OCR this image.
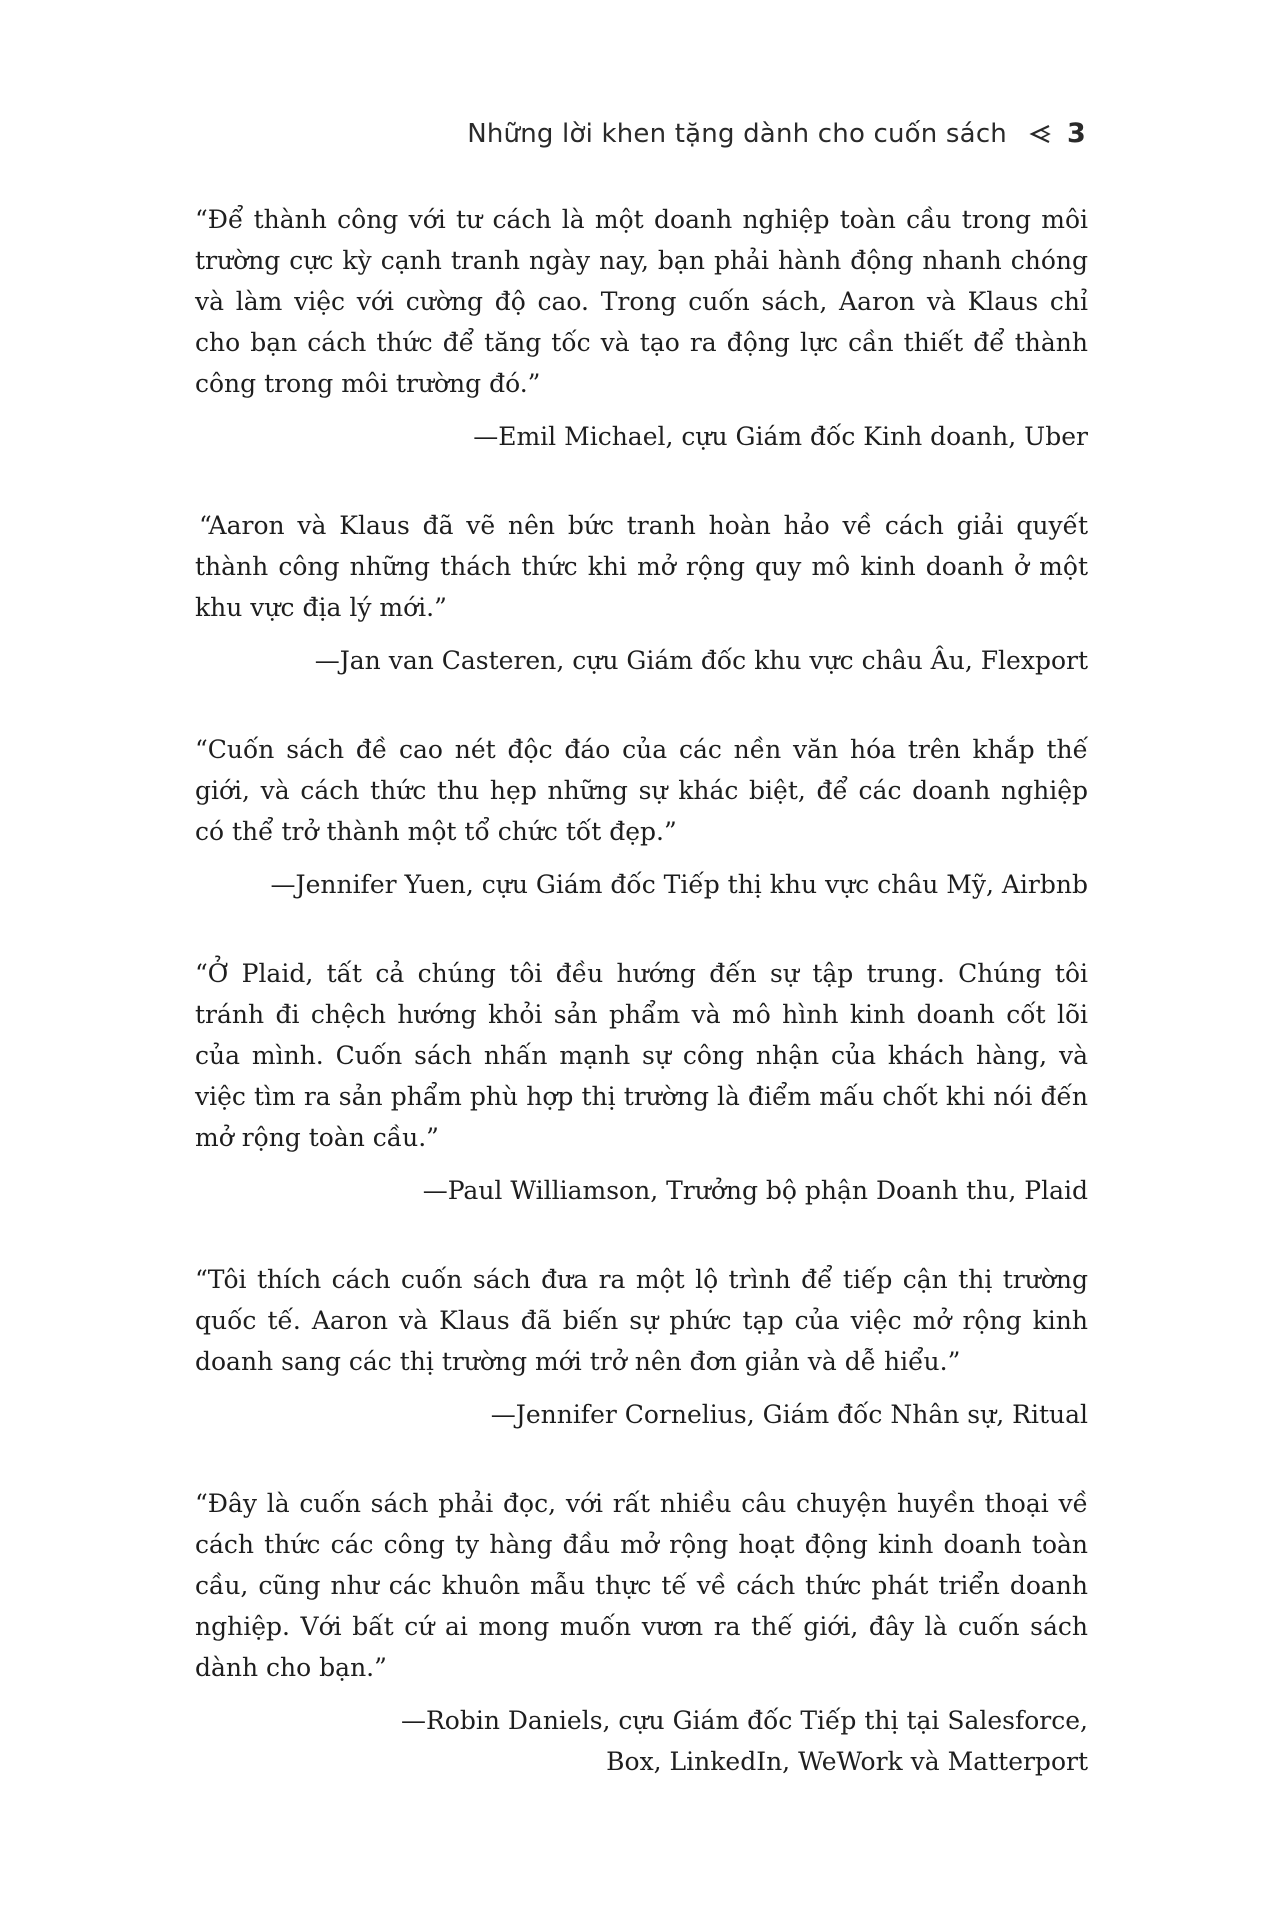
Những lời khen tặng dành cho cuốn sách 3

“Để thành công với tư cách là một doanh nghiệp toàn cầu trong môi trường cực kỳ cạnh tranh ngày nay, bạn phải hành động nhanh chóng và làm việc với cường độ cao. Trong cuốn sách, Aaron và Klaus chỉ cho bạn cách thức để tăng tốc và tạo ra động lực cần thiết để thành công trong môi trường đó.”

—Emil Michael, cựu Giám đốc Kinh doanh, Uber

“Aaron và Klaus đã vẽ nên bức tranh hoàn hảo về cách giải quyết thành công những thách thức khi mở rộng quy mô kinh doanh ở một khu vực địa lý mới.”

—Jan van Casteren, cựu Giám đốc khu vực châu Âu, Flexport

“Cuốn sách đề cao nét độc đáo của các nền văn hóa trên khắp thế giới, và cách thức thu hẹp những sự khác biệt, để các doanh nghiệp có thể trở thành một tổ chức tốt đẹp.”

—Jennifer Yuen, cựu Giám đốc Tiếp thị khu vực châu Mỹ, Airbnb

“Ở Plaid, tất cả chúng tôi đều hướng đến sự tập trung. Chúng tôi tránh đi chệch hướng khỏi sản phẩm và mô hình kinh doanh cốt lõi của mình. Cuốn sách nhấn mạnh sự công nhận của khách hàng, và việc tìm ra sản phẩm phù hợp thị trường là điểm mấu chốt khi nói đến mở rộng toàn cầu.”

—Paul Williamson, Trưởng bộ phận Doanh thu, Plaid

“Tôi thích cách cuốn sách đưa ra một lộ trình để tiếp cận thị trường quốc tế. Aaron và Klaus đã biến sự phức tạp của việc mở rộng kinh doanh sang các thị trường mới trở nên đơn giản và dễ hiểu.”

—Jennifer Cornelius, Giám đốc Nhân sự, Ritual

“Đây là cuốn sách phải đọc, với rất nhiều câu chuyện huyền thoại về cách thức các công ty hàng đầu mở rộng hoạt động kinh doanh toàn cầu, cũng như các khuôn mẫu thực tế về cách thức phát triển doanh nghiệp. Với bất cứ ai mong muốn vươn ra thế giới, đây là cuốn sách dành cho bạn.”

—Robin Daniels, cựu Giám đốc Tiếp thị tại Salesforce,
Box, LinkedIn, WeWork và Matterport
